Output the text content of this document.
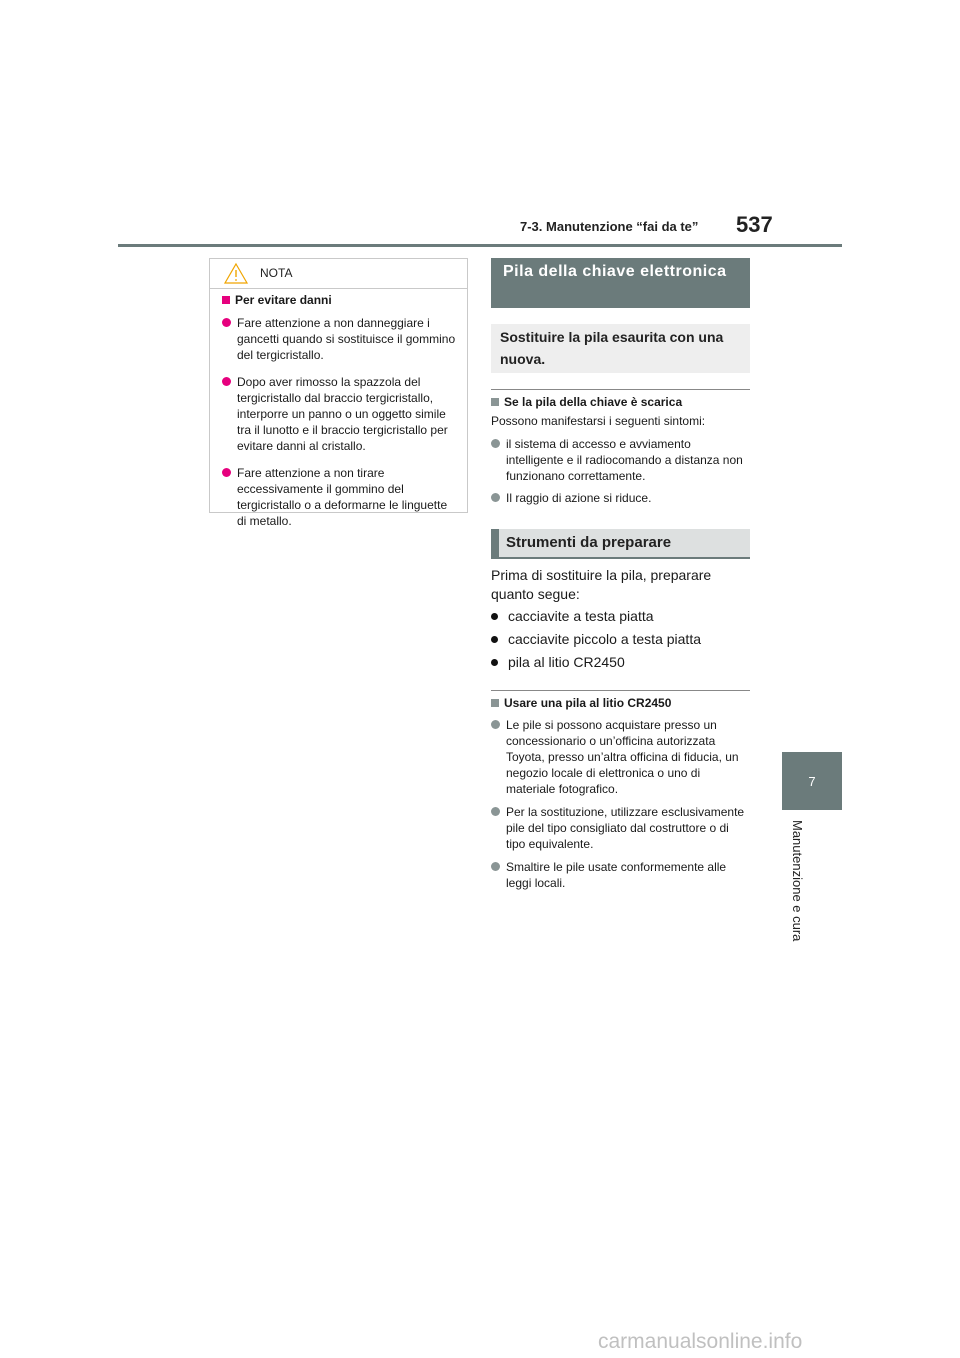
7-3. Manutenzione “fai da te” 537
7
Manutenzione e cura
NOTA
Per evitare danni
Fare attenzione a non danneggiare i gancetti quando si sostituisce il gommino del tergicristallo.
Dopo aver rimosso la spazzola del tergicristallo dal braccio tergicristallo, interporre un panno o un oggetto simile tra il lunotto e il braccio tergicristallo per evitare danni al cristallo.
Fare attenzione a non tirare eccessivamente il gommino del tergicristallo o a deformarne le linguette di metallo.
Pila della chiave elettronica
Sostituire la pila esaurita con una nuova.
Se la pila della chiave è scarica
Possono manifestarsi i seguenti sintomi:
il sistema di accesso e avviamento intelligente e il radiocomando a distanza non funzionano correttamente.
Il raggio di azione si riduce.
Strumenti da preparare
Prima di sostituire la pila, preparare quanto segue:
cacciavite a testa piatta
cacciavite piccolo a testa piatta
pila al litio CR2450
Usare una pila al litio CR2450
Le pile si possono acquistare presso un concessionario o un’officina autorizzata Toyota, presso un’altra officina di fiducia, un negozio locale di elettronica o uno di materiale fotografico.
Per la sostituzione, utilizzare esclusivamente pile del tipo consigliato dal costruttore o di tipo equivalente.
Smaltire le pile usate conformemente alle leggi locali.
carmanualsonline.info
